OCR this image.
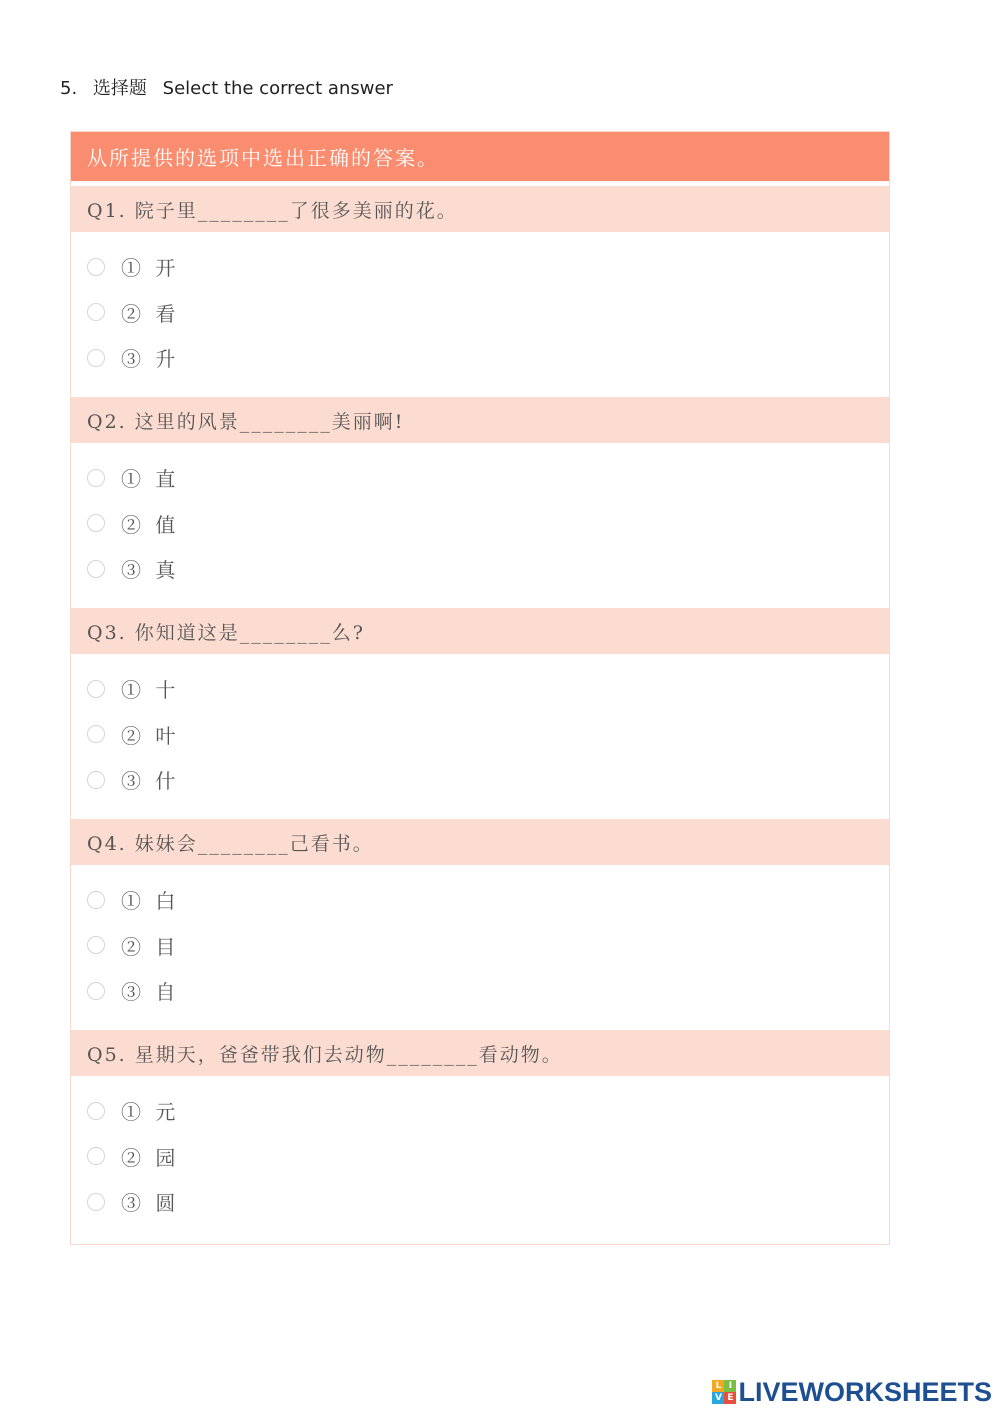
5. 选择题 Select the correct answer
从所提供的选项中选出正确的答案。
Q1. 院子里________了很多美丽的花。
① 开
② 看
③ 升
Q2. 这里的风景________美丽啊!
① 直
② 值
③ 真
Q3. 你知道这是________么?
① 十
② 叶
③ 什
Q4. 妹妹会________己看书。
① 白
② 目
③ 自
Q5. 星期天，爸爸带我们去动物________看动物。
① 元
② 园
③ 圆
L I
V E LIVEWORKSHEETS
